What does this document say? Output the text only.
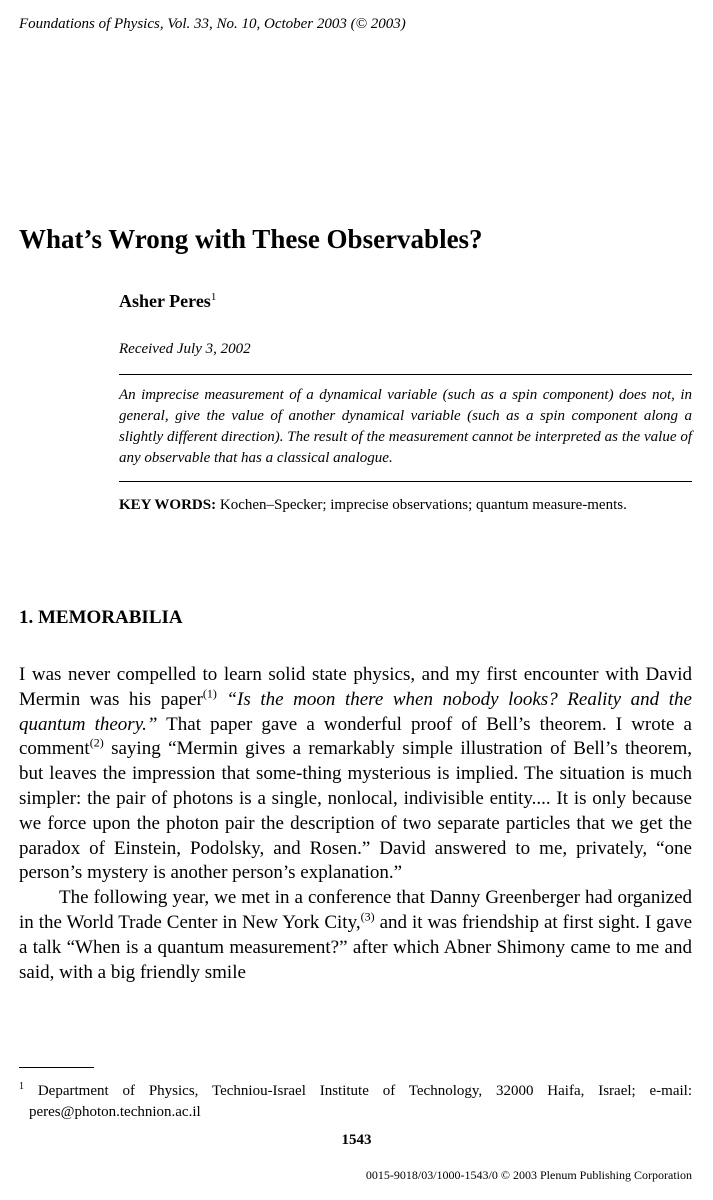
Foundations of Physics, Vol. 33, No. 10, October 2003 (© 2003)
What’s Wrong with These Observables?
Asher Peres$^1$
Received July 3, 2002

An imprecise measurement of a dynamical variable (such as a spin component) does not, in general, give the value of another dynamical variable (such as a spin component along a slightly different direction). The result of the measurement cannot be interpreted as the value of any observable that has a classical analogue.

KEY WORDS: Kochen–Specker; imprecise observations; quantum measure-ments.

1. MEMORABILIA

I was never compelled to learn solid state physics, and my first encounter with David Mermin was his paper$^{(1)}$ “Is the moon there when nobody looks? Reality and the quantum theory.” That paper gave a wonderful proof of Bell’s theorem. I wrote a comment$^{(2)}$ saying “Mermin gives a remarkably simple illustration of Bell’s theorem, but leaves the impression that some-thing mysterious is implied. The situation is much simpler: the pair of photons is a single, nonlocal, indivisible entity.... It is only because we force upon the photon pair the description of two separate particles that we get the paradox of Einstein, Podolsky, and Rosen.” David answered to me, privately, “one person’s mystery is another person’s explanation.”

The following year, we met in a conference that Danny Greenberger had organized in the World Trade Center in New York City,$^{(3)}$ and it was friendship at first sight. I gave a talk “When is a quantum measurement?” after which Abner Shimony came to me and said, with a big friendly smile

$^1$ Department of Physics, Techniou-Israel Institute of Technology, 32000 Haifa, Israel; e-mail: peres@photon.technion.ac.il

1543
0015-9018/03/1000-1543/0 © 2003 Plenum Publishing Corporation
